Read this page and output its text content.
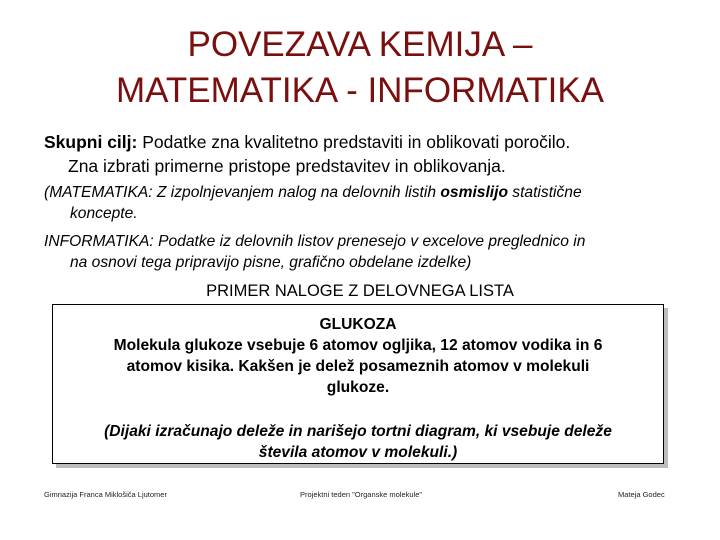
POVEZAVA KEMIJA –
MATEMATIKA - INFORMATIKA
Skupni cilj: Podatke zna kvalitetno predstaviti in oblikovati poročilo.
Zna izbrati primerne pristope predstavitev in oblikovanja.
(MATEMATIKA: Z izpolnjevanjem nalog na delovnih listih osmislijo statistične
koncepte.
INFORMATIKA: Podatke iz delovnih listov prenesejo v excelove preglednico in
na osnovi tega pripravijo pisne, grafično obdelane izdelke)
PRIMER NALOGE Z DELOVNEGA LISTA
GLUKOZA
Molekula glukoze vsebuje 6 atomov ogljika, 12 atomov vodika in 6
atomov kisika. Kakšen je delež posameznih atomov v molekuli
glukoze.
(Dijaki izračunajo deleže in narišejo tortni diagram, ki vsebuje deleže
števila atomov v molekuli.)
Gimnazija Franca Miklošiča Ljutomer	Projektni teden "Organske molekule"	Mateja Godec
